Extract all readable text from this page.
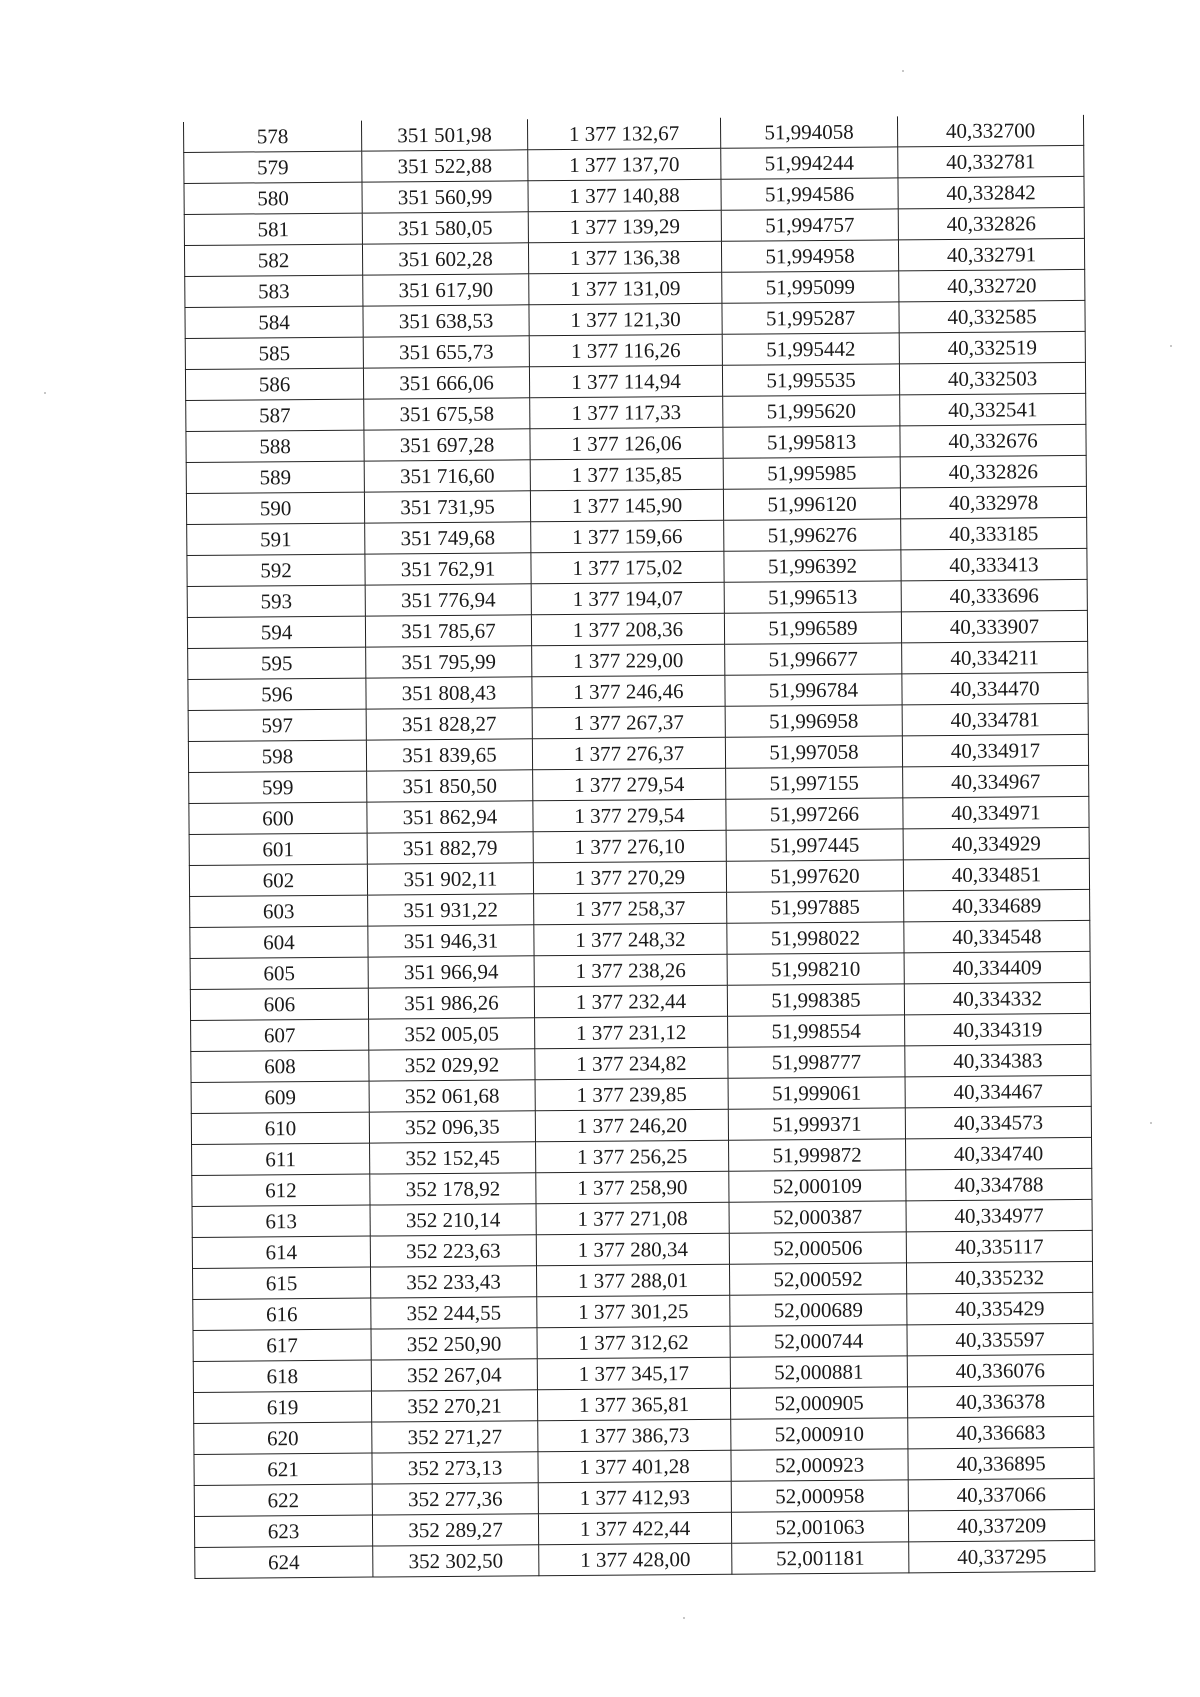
578	351 501,98	1 377 132,67	51,994058	40,332700
579	351 522,88	1 377 137,70	51,994244	40,332781
580	351 560,99	1 377 140,88	51,994586	40,332842
581	351 580,05	1 377 139,29	51,994757	40,332826
582	351 602,28	1 377 136,38	51,994958	40,332791
583	351 617,90	1 377 131,09	51,995099	40,332720
584	351 638,53	1 377 121,30	51,995287	40,332585
585	351 655,73	1 377 116,26	51,995442	40,332519
586	351 666,06	1 377 114,94	51,995535	40,332503
587	351 675,58	1 377 117,33	51,995620	40,332541
588	351 697,28	1 377 126,06	51,995813	40,332676
589	351 716,60	1 377 135,85	51,995985	40,332826
590	351 731,95	1 377 145,90	51,996120	40,332978
591	351 749,68	1 377 159,66	51,996276	40,333185
592	351 762,91	1 377 175,02	51,996392	40,333413
593	351 776,94	1 377 194,07	51,996513	40,333696
594	351 785,67	1 377 208,36	51,996589	40,333907
595	351 795,99	1 377 229,00	51,996677	40,334211
596	351 808,43	1 377 246,46	51,996784	40,334470
597	351 828,27	1 377 267,37	51,996958	40,334781
598	351 839,65	1 377 276,37	51,997058	40,334917
599	351 850,50	1 377 279,54	51,997155	40,334967
600	351 862,94	1 377 279,54	51,997266	40,334971
601	351 882,79	1 377 276,10	51,997445	40,334929
602	351 902,11	1 377 270,29	51,997620	40,334851
603	351 931,22	1 377 258,37	51,997885	40,334689
604	351 946,31	1 377 248,32	51,998022	40,334548
605	351 966,94	1 377 238,26	51,998210	40,334409
606	351 986,26	1 377 232,44	51,998385	40,334332
607	352 005,05	1 377 231,12	51,998554	40,334319
608	352 029,92	1 377 234,82	51,998777	40,334383
609	352 061,68	1 377 239,85	51,999061	40,334467
610	352 096,35	1 377 246,20	51,999371	40,334573
611	352 152,45	1 377 256,25	51,999872	40,334740
612	352 178,92	1 377 258,90	52,000109	40,334788
613	352 210,14	1 377 271,08	52,000387	40,334977
614	352 223,63	1 377 280,34	52,000506	40,335117
615	352 233,43	1 377 288,01	52,000592	40,335232
616	352 244,55	1 377 301,25	52,000689	40,335429
617	352 250,90	1 377 312,62	52,000744	40,335597
618	352 267,04	1 377 345,17	52,000881	40,336076
619	352 270,21	1 377 365,81	52,000905	40,336378
620	352 271,27	1 377 386,73	52,000910	40,336683
621	352 273,13	1 377 401,28	52,000923	40,336895
622	352 277,36	1 377 412,93	52,000958	40,337066
623	352 289,27	1 377 422,44	52,001063	40,337209
624	352 302,50	1 377 428,00	52,001181	40,337295
